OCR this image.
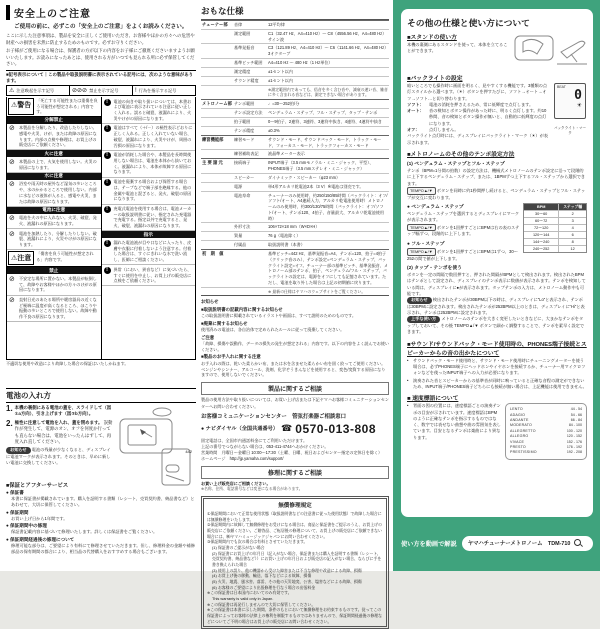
安全上のご注意
ご使用の前に、必ずこの「安全上のご注意」をよくお読みください。
ここに示した注意事項は、製品を安全に正しくご使用いただき、お客様やほかの方々への危害や財産への損害を未然に防止するためのものです。必ずお守りください。
お子様がご使用になる場合は、保護者の方が以下の内容をお子様にご徹底くださいますようお願いいたします。お読みになったあとは、使用される方がいつでも見られる所に必ず保管してください。
■記号表示について｜この製品や取扱説明書に表示されている記号には、次のような意味があります。
⚠ 注意喚起を示す記号	⊘⊘⊘ 禁止を示す記号	! 行為を指示する記号
⚠警告
「死亡する可能性または重傷を負う可能性が想定される」内容です。
分解禁止
⊘	本製品を分解したり、改造したりしない。感電や火災、けが、または故障の原因になります。内部の点検や修理は、お買上げの販売店にご依頼ください。
火に注意
⊘	本製品の上で、火気を使用しない。火災の原因になります。
水に注意
⊘	浴室や雨天時の屋外など湿気の多いところや、水のかかるところで使用しない。内部に水などの液体が入ると、感電や火災、または故障の原因になります。
電池に注意
⊘	電池を火の中に入れない。火災、破裂、発火、液漏れの原因になります。
⊘	電池を加熱したり、分解したりしない。破裂、液漏れにより、火災やけがの原因になります。
⚠注意
「傷害を負う可能性が想定される」内容です。
禁止
⊘	不安定な場所に置かない。本製品が転倒して、故障やお客様やほかの方々のけがの原因になります。
⊘	直射日光のあたる場所や暖房器具の近くなど極端に温度が高くなるところ、ほこりや振動の多いところで使用しない。故障や動作不良の原因になります。
!	電池の向きや取り扱いについては、本書および電池に表示されている注意に従い正しく入れる。誤ると破裂、液漏れにより、火災やけがの原因になります。
!	電池はすべて（＋/－）の極性表示どおりに正しく入れる。正しく入れていない場合、破裂、液漏れにより、火災やけが、周囲の汚損の原因になります。
!	電池が消耗した場合や、本製品を長時間使用しない場合は、電池を本体から抜いておく。液漏れにより、本体が故障する原因になります。
!	電池を廃棄する場合および保管する場合は、テープなどで端子部を絶縁する。他の金属や電池と混ざると、発火、破裂の原因になります。
!	充電式電池を使用する場合は、電池メーカーの取扱説明書に従い、指定された充電器で充電する。指定以外で充電すると、発火、破裂、液漏れの原因になります。
指示
!	漏れた電池液が目や口などに入ったり、皮膚や衣服に付着しないよう注意する。付着した場合は、すぐにきれいな水で洗い流し、医師にご相談ください。
!	異常（におい、異音など）に気づいたら、すぐに使用を中止し、お買上げの販売店に点検をご依頼ください。
不適切な使用や改造により故障した場合の保証はいたしかねます。
電池の入れ方
1. 本機の裏側にある電池の蓋を、スライドして（図①a方向）、引き上げます（図②b方向）。
2. 極性に注意して電池を入れ、蓋を閉めます。 誤動作が発生して、電源のオン、オフを何度か行っても直らない場合は、電池をいったんはずして、再度入れ直してください。
お知らせ 電池の残量が少なくなると、ディスプレイに電池マークが表示されます。そのときは、早めに新しい電池に交換してください。
442
■保証とアフターサービス
● 保証書
本書に保証書が掲載されています。購入を証明する書類（レシート、売買契約書、納品書など）とあわせて、大切に保管してください。
● 保証期間
お買い上げ日から1年間です。
● 保証期間中の修理
保証書記載内容に基づいて修理いたします。詳しくは保証書をご覧ください。
● 保証期間経過後の修理について
修理可能な部分は、ご要望により有料にて修理させていただきます。但し、修理料金の金額や補修部品の保有期間の都合により、相当品の代替購入をおすすめする場合もございます。
おもな仕様
チューナー部	音律	12平均律
測定範囲	C1（32.47 Hz、A4=410 Hz）～ C8（4556.56 Hz、A4=480 Hz）サイン波
基準発振音	C3（121.89 Hz、A4=410 Hz）～ C6（1141.66 Hz、A4=480 Hz）3オクターブ
基準ピッチ範囲	A4=410 Hz ～ 480 Hz（1 Hz単位）
測定精度	±1セント以内
サウンド精度	±1セント以内
※測定範囲内であっても、倍音を多く含む音や、減衰の速い音、雑音に多く含まれる音などは、測定できない場合があります。
メトロノーム部 テンポ範囲	♩=30～252拍/分
テンポ設定方法	ペンデュラム・ステップ、フル・ステップ、タップ・テンポ
拍子範囲	0～9拍子、2連符、3連符、3連符中抜き、4連符、4連符中抜き
テンポ精度	±0.3%
練習機能部	練習モード	サウンド・モード、サウンドバック・モード、トラック・モード、フォーカス・モード、トラックフォーカス・モード
練習補助表記	液晶準メーター表示
主 要 諸 元	接続端子	INPUT端子（3.5 mmモノラル・ミニ・ジャック、平型）、PHONES端子（3.5 mmステレオ・ミニ・ジャック）
スピーカー	ダイナミック・スピーカー（φ23 mm）
電源	単4形アルカリ乾電池2本（3 V）※電池は別売です。
電池寿命	チューナーのみ使用時、約250/150/85時間（バックライト：オフ/ソフト/オート、A4連続入力、アルカリ乾電池使用時）メトロノームのみ使用時、約300/130/75時間（バックライト：オフ/ソフト/オート、テンポ120、4拍子、音量最大、アルカリ乾電池使用時）
外形寸法	106×72×18 mm（W×D×H）
質量	76 g（電池除く）
付属品	取扱説明書（本書）
初　期　値	基準ピッチ=442 Hz、基準発振音=A4、テンポ=120、拍子=4拍子（クリック音のみ）、テンポ設定=ペンデュラム・ステップ、バックライト設定=オフ。チューナー部の基準ピッチ、基準発振音、メトロノーム部のテンポ、拍子、ペンデュラム/フル・ステップ、バックライトの設定は、電源をオフにしても記憶されています。ただし、電池を取り外した場合は上記の初期値に戻ります。
※ 最新の仕様はヤマハのウェブサイトをご覧ください。
お知らせ
■取扱説明書の記載内容に関するお知らせ
この取扱説明書に掲載されているイラストや画面は、すべて説明のためのものです。
■廃棄に関するお知らせ
使用済みの電池は、各自治体で定められたルールに従って廃棄してください。
ご注意
「故障、損傷や誤動作、データの損失の発生が想定される」内容です。以下の内容をよく読んでお使いください。
■製品のお手入れに関する注意
お手入れの際は、乾いた柔らかい布、または水を含ませた柔らかい布を固く絞ってご使用ください。ベンジンやシンナー、アルコール、洗剤、化学ぞうきんなどを使用すると、変色/変質する原因になりますので、使用しないでください。
製品に関するご相談
製品の使用方法や取り扱いについては、お買い上げ店または下記ヤマハお客様コミュニケーションセンターへお問い合わせください。
お客様コミュニケーションセンター　管弦打楽器ご相談窓口
● ナビダイヤル（全国共通番号） ☎ 0570-013-808
固定電話は、全国市内通話料金にてご利用いただけます。
上記の番号でつながらない場合は、053-411-4744へおかけください。
営業時間　月曜日～金曜日 10:00～17:30（土曜、日曜、祝日およびセンター指定の定休日を除く）
ホームページ　http://jp.yamaha.com/support/
修理に関するご相談
お買い上げ販売店にご相談ください。
※名称、住所、電話番号などは変更になる場合があります。
無償修理規定
①保証期間において正常な使用状態（取扱説明書などの注意書に従った使用状態）で故障した場合には無償修理をいたします。
②保証期間内に故障して無償修理をお受けになる場合は、商品と保証書をご提示のうえ、お買上げの販売店にご依頼ください。ご贈答品、ご転居後の修理について、お買上げの販売店にご依頼できない場合には、㈱ヤマハミュージックジャパンにお問い合わせください。
③保証期間内でも次の場合は有料とさせていただきます。
(1) 保証書のご提示がない場合
(2) 保証書にお買上げの年月日（記入がない場合、保証書または購入を証明する書類（レシート、売買契約書、納品書など））にお買い上げの年月日および販売店の記入がない場合、ならびに手を書き換えられた場合
(3) 使用上の誤り、他の機器から受けた障害または不当な修理や改造による故障、損傷
(4) お買上げ後の移動、輸送、落下などによる故障、損傷
(5) 火災、地震、風水害、落雷、その他の天災地変、公害、塩害などによる故障、損傷
(6) お客様のご要望により出張修理を行なう場合の出張料金
※この保証書は日本国内においてのみ有効です。
This warranty is valid only in Japan.
※この保証書は再発行しませんので大切に保管してください。
※この保証書は本書に示した期間、条件のもとにおいて無償修理をお約束するものです。従ってこの保証書によってお客様の法律上の権利を制限するものではありませんので、保証期間経過後の修理などについてご不明の場合はお買上げの販売店にお問い合わせください。
その他の仕様と使い方について
■スタンドの使い方
本機の裏側にあるスタンドを使って、本体を立てることができます。
■バックライトの設定
BEAT
0
☀
バックライト・マーク
暗いところでも操作時に画面を明るく、見やすくする機能です。3種類の点灯スタイルから選べます。（☀）ボタンを押すたびに、ソフト→オート→オフ→ソフト…と切り替わります。
ソフト：	電池の消耗を押さえるため、常に低輝度で点灯します。
オート：	音の検知とボタン操作があった時に、明るく点灯します。約10秒間、音の検知とボタン操作が無いと、自動的に低輝度の点灯になります。
オフ：	点灯しません。
バックライト点灯時には、ディスプレイにバックライト・マーク（☀）が表示されます。
■メトロノームのその他のテンポ設定方法
(1) ペンデュラム・ステップとフル・ステップ
テンポ（BPM=1分間の拍数）の設定方法は、機械式メトロノームのテンポ設定に沿って段階的に上下するペンデュラム・ステップ、または、1BPMずつ上下するフル・ステップから選択できます。
TEMPO▲/▼ ボタンを同時に約1秒間押し続けると、ペンデュラム・ステップとフル・ステップが交互に変わります。
BPM	ステップ幅
30～60	2
60～72	3
72～120	4
120～144	6
144～240	8
240～252	12
● ペンデュラム・ステップ
ペンデュラム・ステップを選択するとディスプレイにマークが表示されます。
TEMPO▲/▼ ボタンを1回押すごとにBPMは右の表のステップ幅ずつ、段階的に上下します。
● フル・ステップ
TEMPO▲/▼ ボタンを1回押すごとにBPMは1ずつ、30～252の間で値が上下します。
(2) タップ・テンポを使う
ボタンを一定の間隔で数回押すと、押された間隔がBPMとして検出されます。検出されたBPMはテンポとして設定され、ディスプレイのテンポ表示に数値が表示されます。テンポを検知している間は、ディスプレイに●が表示されます。タップテンポの入力は、メトロノーム動作中も可能です。
お知らせ 検出されたテンポが30BPM以下の時は、ディスプレイに“Lo”と表示され、テンポは30BPMに設定されます。検出されたテンポが252BPM以上のときは、ディスプレイに“Hi”と表示され、テンポは252BPMに設定されます。
上手な使い方 メトロノームのテンポを大きく変更したいときなどに、大まかなテンポをタップしておいて、その後 TEMPO▲/▼ ボタンで細かく調整することで、テンポを素早く設定できます。
■サウンド/サウンドバック・モード使用時の、PHONES端子接続とスピーカーからの音の出かたについて
•	サウンドバック・モード使用時と、サウンド・モード使用時にチューニングメーターを使う場合は、必ずPHONES端子にヘッドホンやイヤホンを接続するか、チューナー用マイクロフォンなどを使ったINPUT端子への入力が必要になります。
•	演奏された音とスピーカーからの基準音が同時に鳴っていると正確な音程の測定ができないため、INPUT端子/PHONES端子どちらにも接続が無い場合は、上記機能は使用できません。
■ 速度標語について
LENTO	44 - 54
ADAGIO	54 - 66
ANDANTE	66 - 84
MODERATO	84 - 100
ALLEGRETTO	100 - 120
ALLEGRO	120 - 152
VIVACE	152 - 176
PRESTO	176 - 192
PRESTISSIMO	192 - 208
•	背面の図の位置には、速度標語ごとの演奏テンポの目安が示されています。速度標語はBPMのように正確なテンポを指示するものではなく、数字では表せない曲想や曲の雰囲気を表しています。目安となるテンポは楽曲により異なります。
使い方を動画で解説 ヤマハチューナーメトロノーム　TDM-710
